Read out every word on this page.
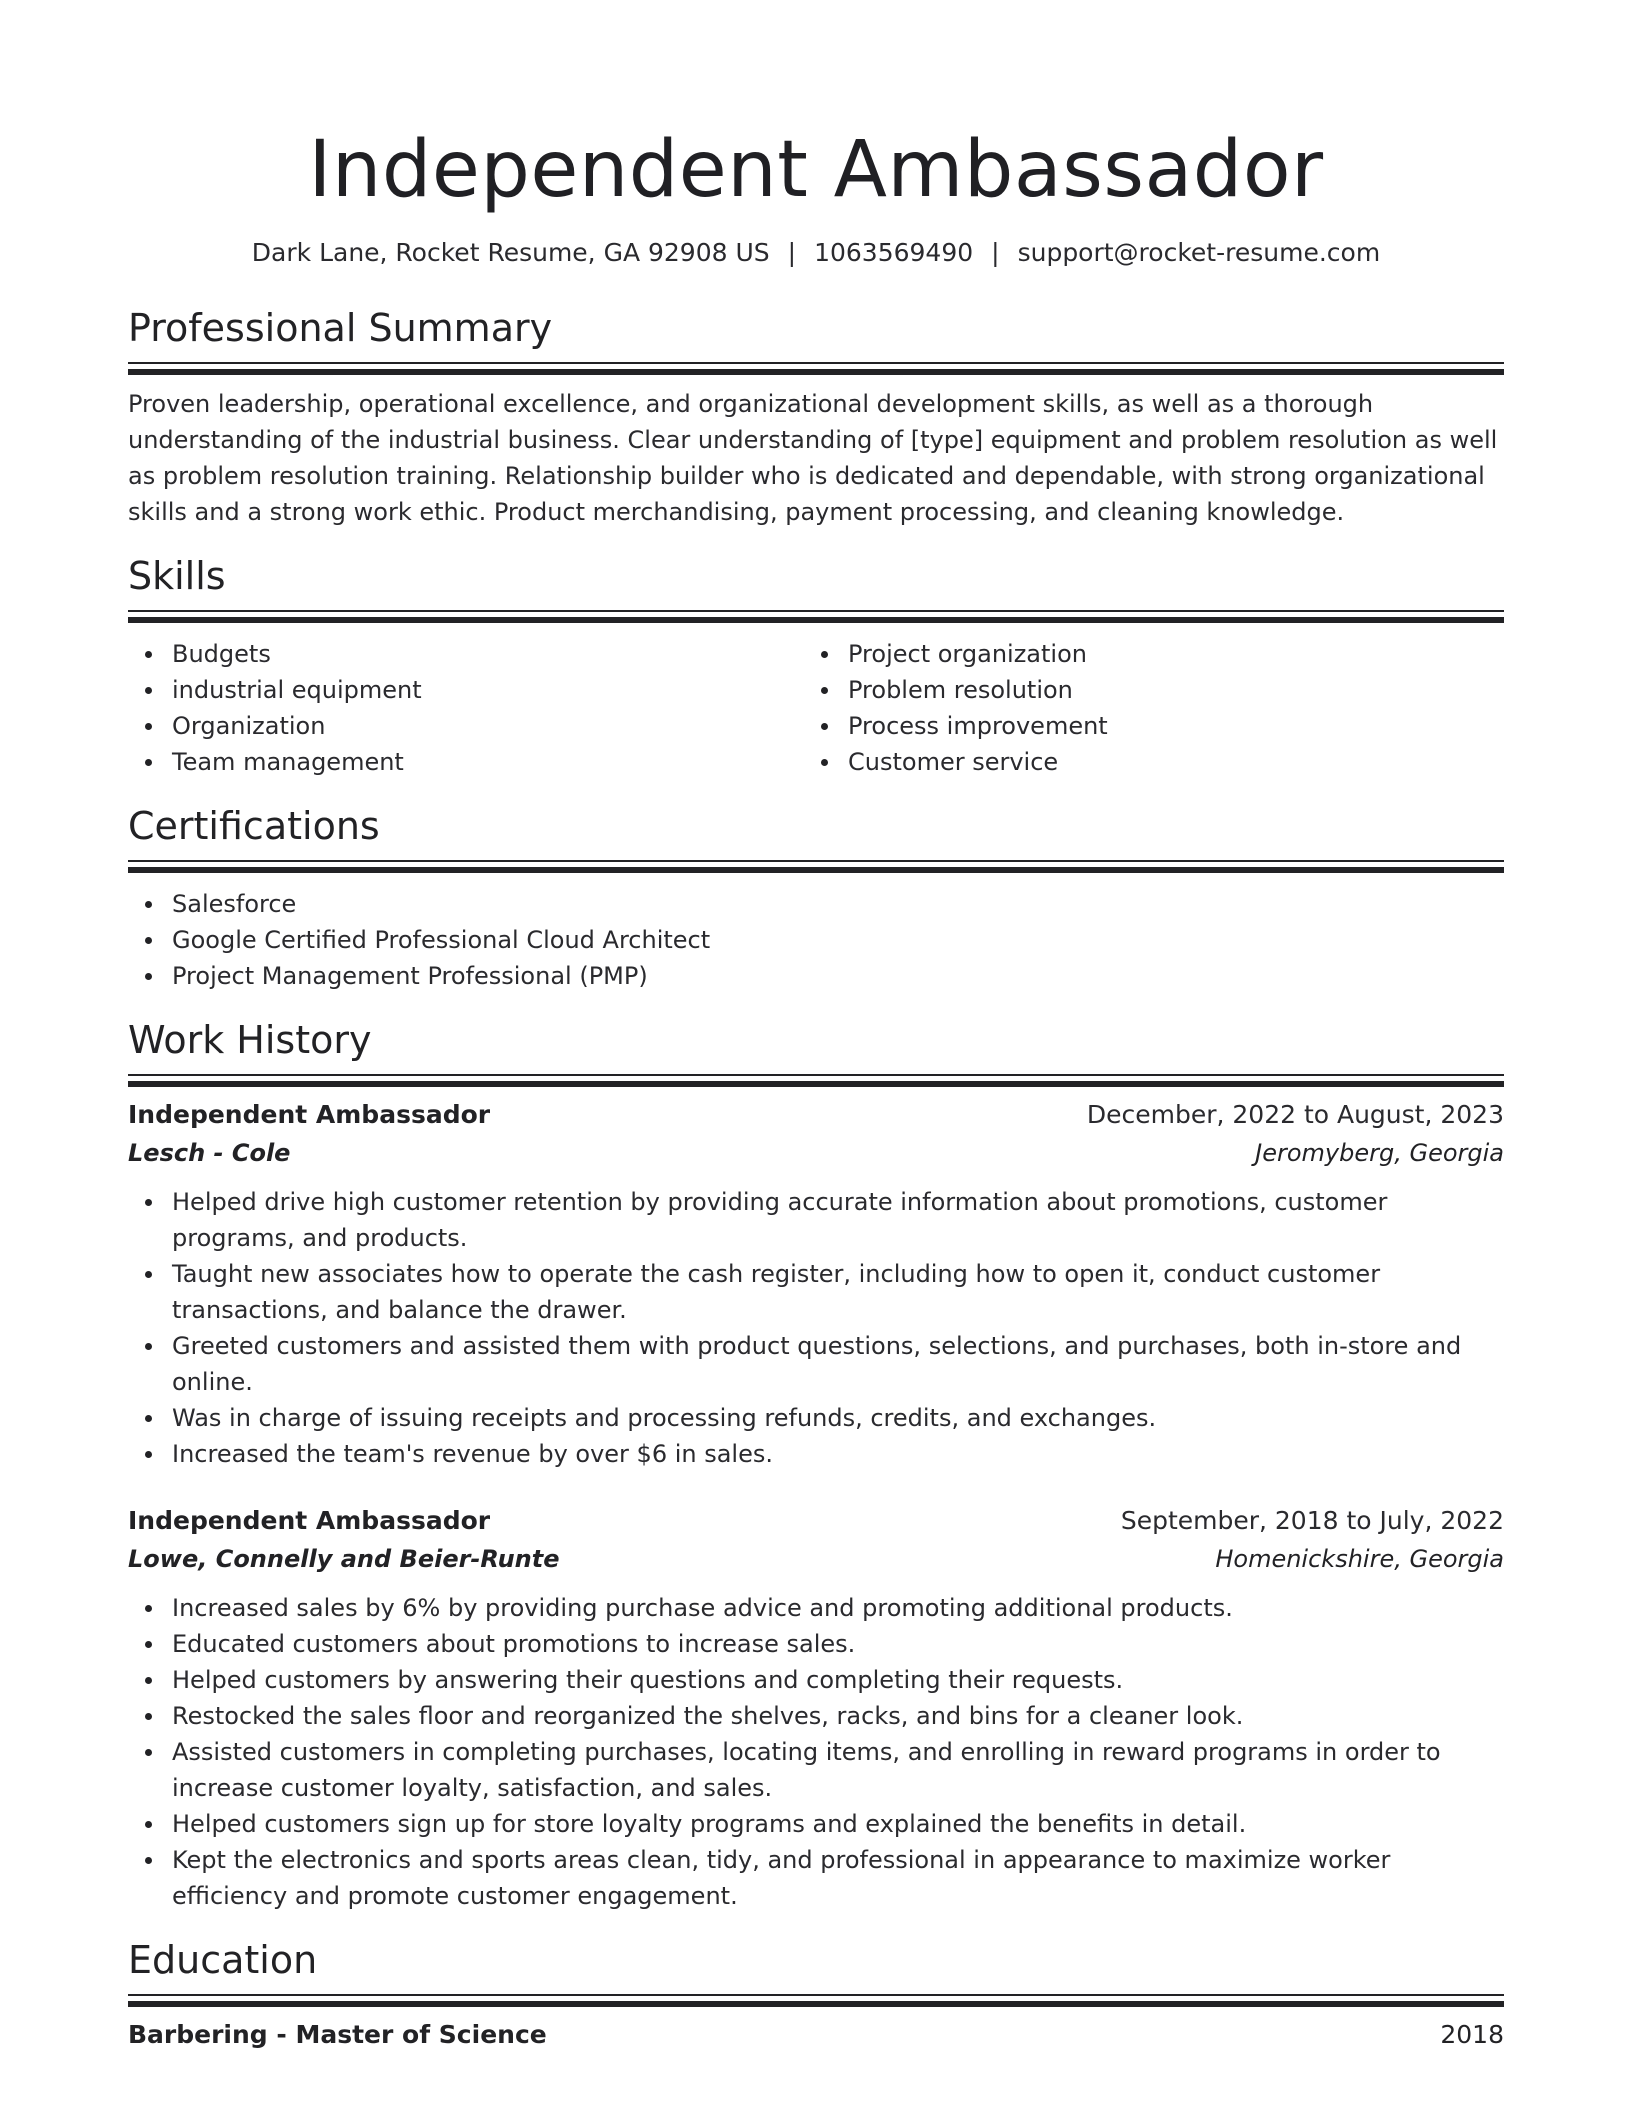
Independent Ambassador
Dark Lane, Rocket Resume, GA 92908 US | 1063569490 | support@rocket-resume.com
Professional Summary

Proven leadership, operational excellence, and organizational development skills, as well as a thorough understanding of the industrial business. Clear understanding of [type] equipment and problem resolution as well as problem resolution training. Relationship builder who is dedicated and dependable, with strong organizational skills and a strong work ethic. Product merchandising, payment processing, and cleaning knowledge.

Skills
Budgets
industrial equipment
Organization
Team management
Project organization
Problem resolution
Process improvement
Customer service
Certifications
Salesforce
Google Certified Professional Cloud Architect
Project Management Professional (PMP)
Work History
Independent Ambassador	December, 2022 to August, 2023
Lesch - Cole	Jeromyberg, Georgia
Helped drive high customer retention by providing accurate information about promotions, customer programs, and products.
Taught new associates how to operate the cash register, including how to open it, conduct customer transactions, and balance the drawer.
Greeted customers and assisted them with product questions, selections, and purchases, both in-store and online.
Was in charge of issuing receipts and processing refunds, credits, and exchanges.
Increased the team's revenue by over $6 in sales.
Independent Ambassador	September, 2018 to July, 2022
Lowe, Connelly and Beier-Runte	Homenickshire, Georgia
Increased sales by 6% by providing purchase advice and promoting additional products.
Educated customers about promotions to increase sales.
Helped customers by answering their questions and completing their requests.
Restocked the sales floor and reorganized the shelves, racks, and bins for a cleaner look.
Assisted customers in completing purchases, locating items, and enrolling in reward programs in order to increase customer loyalty, satisfaction, and sales.
Helped customers sign up for store loyalty programs and explained the benefits in detail.
Kept the electronics and sports areas clean, tidy, and professional in appearance to maximize worker efficiency and promote customer engagement.
Education
Barbering - Master of Science	2018
